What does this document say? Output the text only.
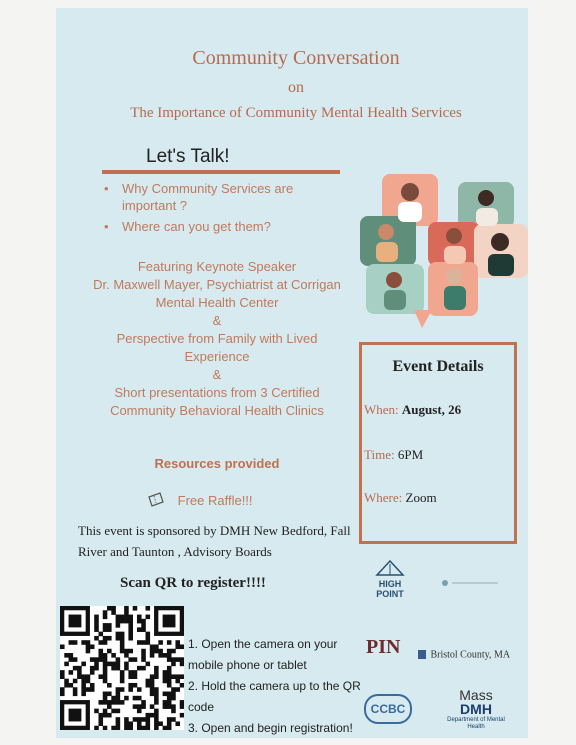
Community Conversation
on
The Importance of Community Mental Health Services
Let's Talk!
• Why Community Services are important ?
• Where can you get them?
Featuring Keynote Speaker
Dr. Maxwell Mayer, Psychiatrist at Corrigan Mental Health Center
&
Perspective from Family with Lived Experience
&
Short presentations from 3 Certified Community Behavioral Health Clinics
Resources provided
Free Raffle!!!
This event is sponsored by DMH New Bedford, Fall River and Taunton , Advisory Boards
Scan QR to register!!!!
1. Open the camera on your mobile phone or tablet
2. Hold the camera up to the QR code
3. Open and begin registration!
Event Details
When: August, 26
Time: 6PM
Where: Zoom
HIGH POINT
PIN	Bristol County, MA
CCBC
Mass
DMH
Department of Mental Health
